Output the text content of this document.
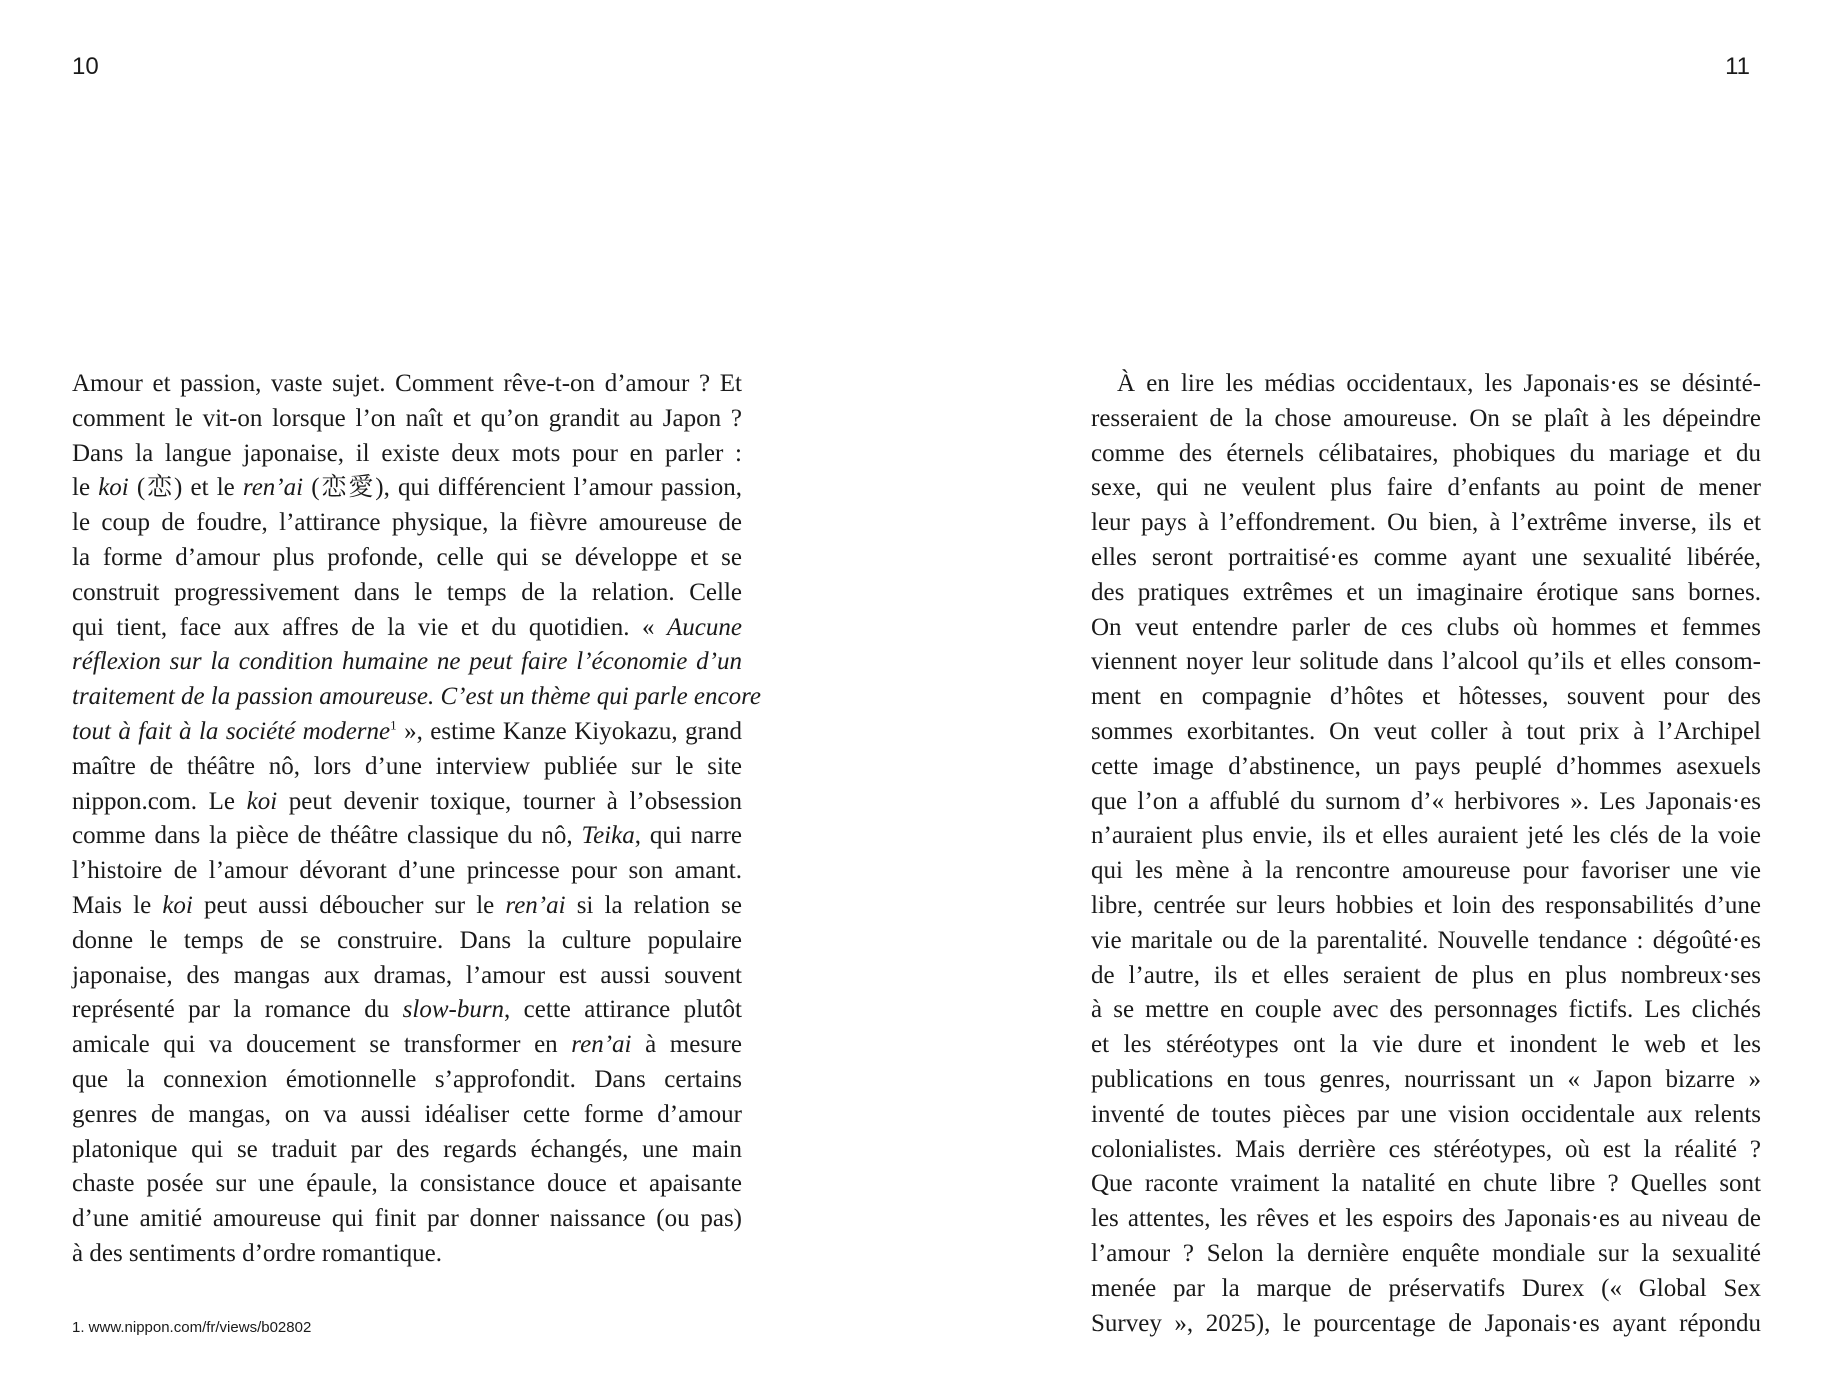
10
Amour et passion, vaste sujet. Comment rêve-t-on d’amour ? Et
comment le vit-on lorsque l’on naît et qu’on grandit au Japon ?
Dans la langue japonaise, il existe deux mots pour en parler :
le koi (恋) et le ren’ai (恋愛), qui différencient l’amour passion,
le coup de foudre, l’attirance physique, la fièvre amoureuse de
la forme d’amour plus profonde, celle qui se développe et se
construit progressivement dans le temps de la relation. Celle
qui tient, face aux affres de la vie et du quotidien. « Aucune
réflexion sur la condition humaine ne peut faire l’économie d’un
traitement de la passion amoureuse. C’est un thème qui parle encore
tout à fait à la société moderne$^1$ », estime Kanze Kiyokazu, grand
maître de théâtre nô, lors d’une interview publiée sur le site
nippon.com. Le koi peut devenir toxique, tourner à l’obsession
comme dans la pièce de théâtre classique du nô, Teika, qui narre
l’histoire de l’amour dévorant d’une princesse pour son amant.
Mais le koi peut aussi déboucher sur le ren’ai si la relation se
donne le temps de se construire. Dans la culture populaire
japonaise, des mangas aux dramas, l’amour est aussi souvent
représenté par la romance du slow-burn, cette attirance plutôt
amicale qui va doucement se transformer en ren’ai à mesure
que la connexion émotionnelle s’approfondit. Dans certains
genres de mangas, on va aussi idéaliser cette forme d’amour
platonique qui se traduit par des regards échangés, une main
chaste posée sur une épaule, la consistance douce et apaisante
d’une amitié amoureuse qui finit par donner naissance (ou pas)
à des sentiments d’ordre romantique.
1. www.nippon.com/fr/views/b02802
11
À en lire les médias occidentaux, les Japonais·es se désinté-
resseraient de la chose amoureuse. On se plaît à les dépeindre
comme des éternels célibataires, phobiques du mariage et du
sexe, qui ne veulent plus faire d’enfants au point de mener
leur pays à l’effondrement. Ou bien, à l’extrême inverse, ils et
elles seront portraitisé·es comme ayant une sexualité libérée,
des pratiques extrêmes et un imaginaire érotique sans bornes.
On veut entendre parler de ces clubs où hommes et femmes
viennent noyer leur solitude dans l’alcool qu’ils et elles consom-
ment en compagnie d’hôtes et hôtesses, souvent pour des
sommes exorbitantes. On veut coller à tout prix à l’Archipel
cette image d’abstinence, un pays peuplé d’hommes asexuels
que l’on a affublé du surnom d’« herbivores ». Les Japonais·es
n’auraient plus envie, ils et elles auraient jeté les clés de la voie
qui les mène à la rencontre amoureuse pour favoriser une vie
libre, centrée sur leurs hobbies et loin des responsabilités d’une
vie maritale ou de la parentalité. Nouvelle tendance : dégoûté·es
de l’autre, ils et elles seraient de plus en plus nombreux·ses
à se mettre en couple avec des personnages fictifs. Les clichés
et les stéréotypes ont la vie dure et inondent le web et les
publications en tous genres, nourrissant un « Japon bizarre »
inventé de toutes pièces par une vision occidentale aux relents
colonialistes. Mais derrière ces stéréotypes, où est la réalité ?
Que raconte vraiment la natalité en chute libre ? Quelles sont
les attentes, les rêves et les espoirs des Japonais·es au niveau de
l’amour ? Selon la dernière enquête mondiale sur la sexualité
menée par la marque de préservatifs Durex (« Global Sex
Survey », 2025), le pourcentage de Japonais·es ayant répondu
